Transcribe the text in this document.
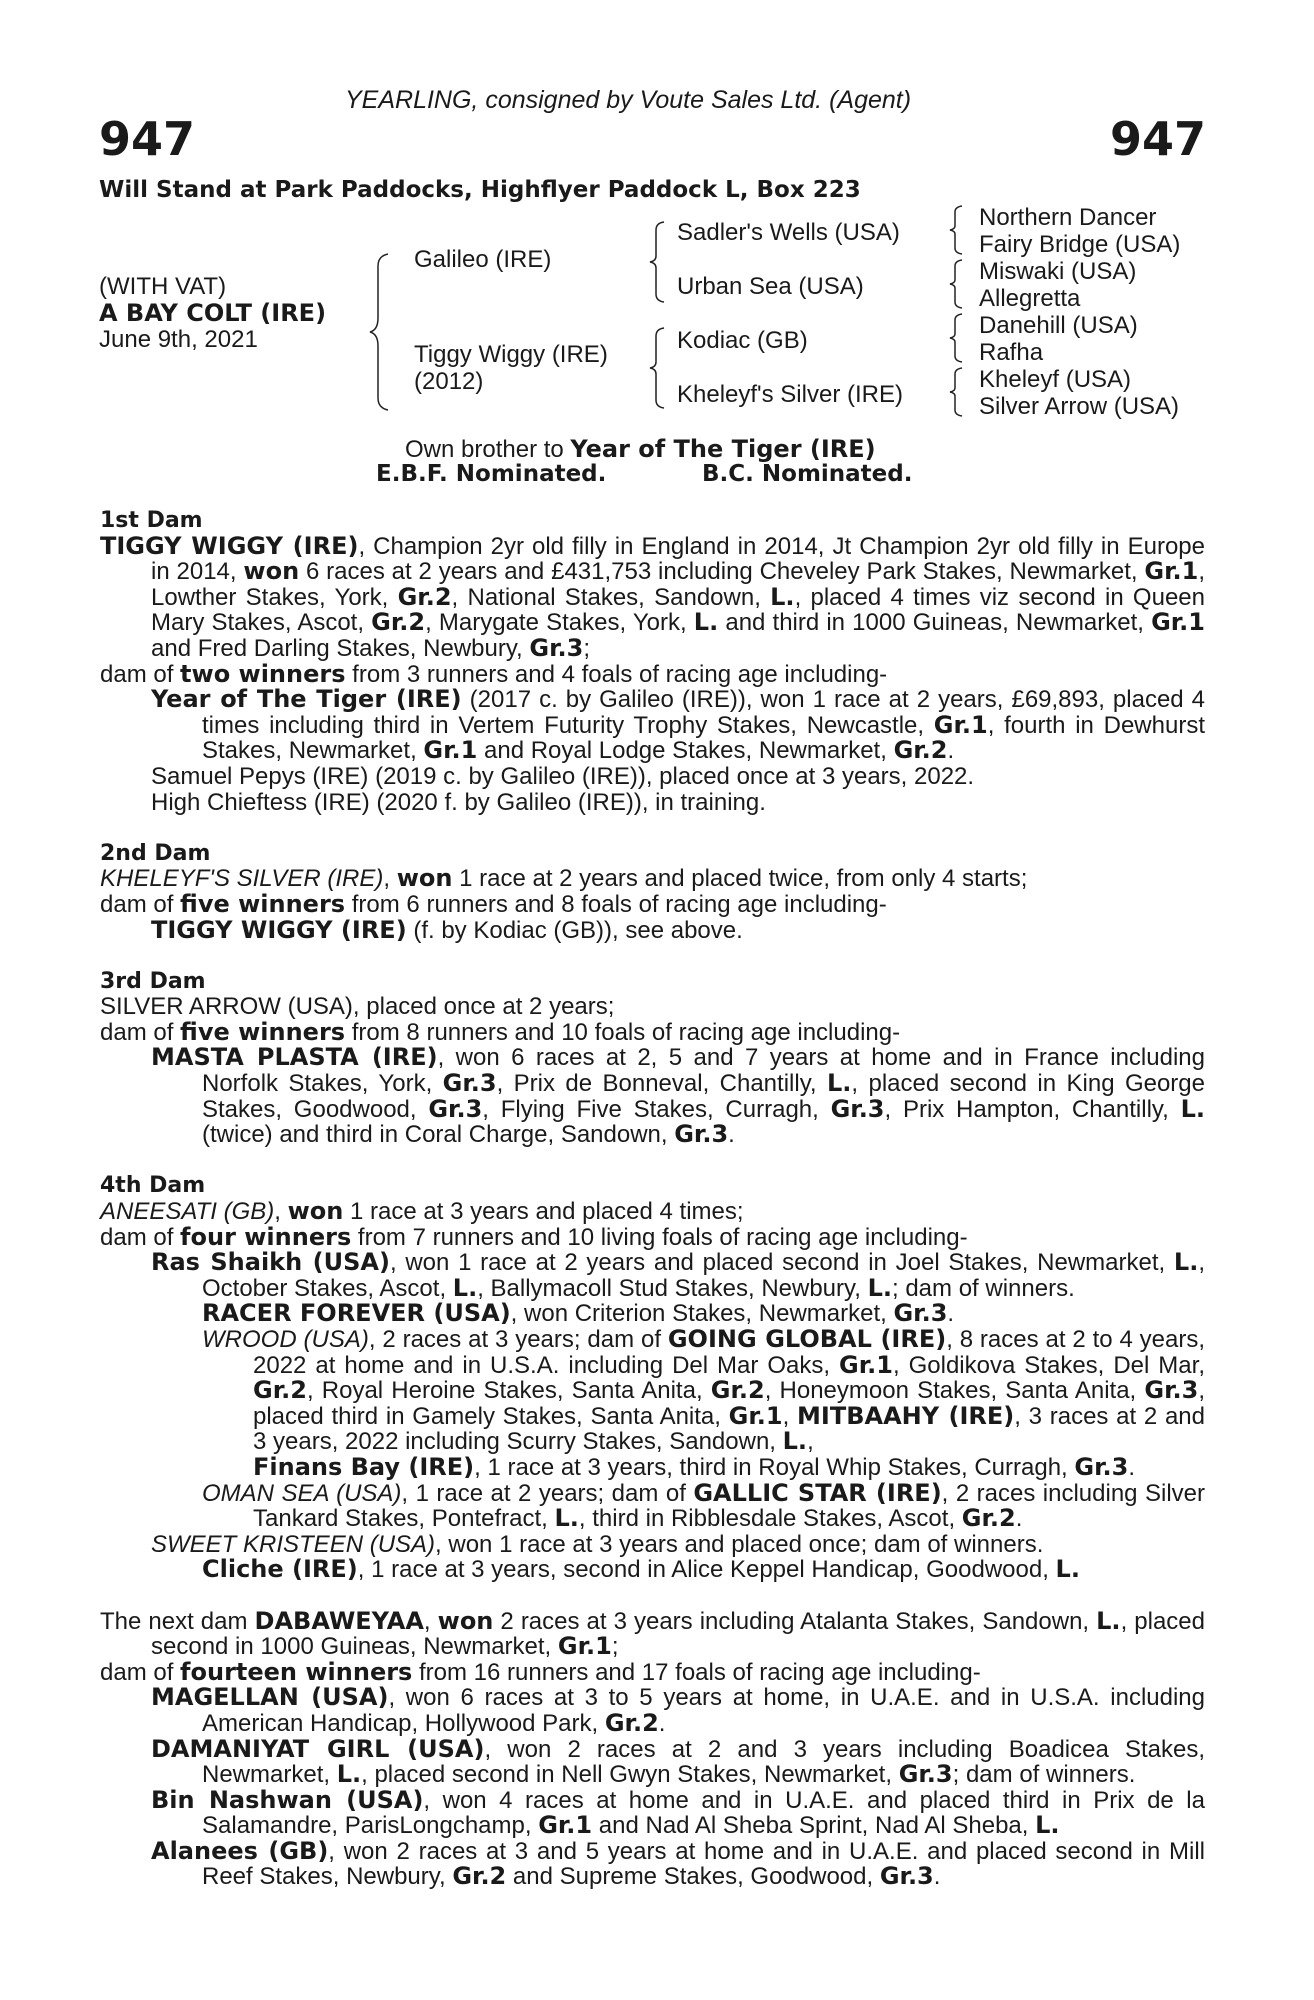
YEARLING, consigned by Voute Sales Ltd. (Agent)
947	947
Will Stand at Park Paddocks, Highflyer Paddock L, Box 223
(WITH VAT)
A BAY COLT (IRE)
June 9th, 2021
Galileo (IRE)
Tiggy Wiggy (IRE)
(2012)
Sadler's Wells (USA)
Urban Sea (USA)
Kodiac (GB)
Kheleyf's Silver (IRE)
Northern Dancer
Fairy Bridge (USA)
Miswaki (USA)
Allegretta
Danehill (USA)
Rafha
Kheleyf (USA)
Silver Arrow (USA)
Own brother to Year of The Tiger (IRE)
E.B.F. Nominated.	B.C. Nominated.
1st Dam
TIGGY WIGGY (IRE), Champion 2yr old filly in England in 2014, Jt Champion 2yr old filly in Europe in 2014, won 6 races at 2 years and £431,753 including Cheveley Park Stakes, Newmarket, Gr.1, Lowther Stakes, York, Gr.2, National Stakes, Sandown, L., placed 4 times viz second in Queen Mary Stakes, Ascot, Gr.2, Marygate Stakes, York, L. and third in 1000 Guineas, Newmarket, Gr.1 and Fred Darling Stakes, Newbury, Gr.3;
dam of two winners from 3 runners and 4 foals of racing age including-
Year of The Tiger (IRE) (2017 c. by Galileo (IRE)), won 1 race at 2 years, £69,893, placed 4 times including third in Vertem Futurity Trophy Stakes, Newcastle, Gr.1, fourth in Dewhurst Stakes, Newmarket, Gr.1 and Royal Lodge Stakes, Newmarket, Gr.2.
Samuel Pepys (IRE) (2019 c. by Galileo (IRE)), placed once at 3 years, 2022.
High Chieftess (IRE) (2020 f. by Galileo (IRE)), in training.
2nd Dam
KHELEYF'S SILVER (IRE), won 1 race at 2 years and placed twice, from only 4 starts;
dam of five winners from 6 runners and 8 foals of racing age including-
TIGGY WIGGY (IRE) (f. by Kodiac (GB)), see above.
3rd Dam
SILVER ARROW (USA), placed once at 2 years;
dam of five winners from 8 runners and 10 foals of racing age including-
MASTA PLASTA (IRE), won 6 races at 2, 5 and 7 years at home and in France including Norfolk Stakes, York, Gr.3, Prix de Bonneval, Chantilly, L., placed second in King George Stakes, Goodwood, Gr.3, Flying Five Stakes, Curragh, Gr.3, Prix Hampton, Chantilly, L. (twice) and third in Coral Charge, Sandown, Gr.3.
4th Dam
ANEESATI (GB), won 1 race at 3 years and placed 4 times;
dam of four winners from 7 runners and 10 living foals of racing age including-
Ras Shaikh (USA), won 1 race at 2 years and placed second in Joel Stakes, Newmarket, L., October Stakes, Ascot, L., Ballymacoll Stud Stakes, Newbury, L.; dam of winners.
RACER FOREVER (USA), won Criterion Stakes, Newmarket, Gr.3.
WROOD (USA), 2 races at 3 years; dam of GOING GLOBAL (IRE), 8 races at 2 to 4 years, 2022 at home and in U.S.A. including Del Mar Oaks, Gr.1, Goldikova Stakes, Del Mar, Gr.2, Royal Heroine Stakes, Santa Anita, Gr.2, Honeymoon Stakes, Santa Anita, Gr.3, placed third in Gamely Stakes, Santa Anita, Gr.1, MITBAAHY (IRE), 3 races at 2 and 3 years, 2022 including Scurry Stakes, Sandown, L.,
Finans Bay (IRE), 1 race at 3 years, third in Royal Whip Stakes, Curragh, Gr.3.
OMAN SEA (USA), 1 race at 2 years; dam of GALLIC STAR (IRE), 2 races including Silver Tankard Stakes, Pontefract, L., third in Ribblesdale Stakes, Ascot, Gr.2.
SWEET KRISTEEN (USA), won 1 race at 3 years and placed once; dam of winners.
Cliche (IRE), 1 race at 3 years, second in Alice Keppel Handicap, Goodwood, L.
The next dam DABAWEYAA, won 2 races at 3 years including Atalanta Stakes, Sandown, L., placed second in 1000 Guineas, Newmarket, Gr.1;
dam of fourteen winners from 16 runners and 17 foals of racing age including-
MAGELLAN (USA), won 6 races at 3 to 5 years at home, in U.A.E. and in U.S.A. including American Handicap, Hollywood Park, Gr.2.
DAMANIYAT GIRL (USA), won 2 races at 2 and 3 years including Boadicea Stakes, Newmarket, L., placed second in Nell Gwyn Stakes, Newmarket, Gr.3; dam of winners.
Bin Nashwan (USA), won 4 races at home and in U.A.E. and placed third in Prix de la Salamandre, ParisLongchamp, Gr.1 and Nad Al Sheba Sprint, Nad Al Sheba, L.
Alanees (GB), won 2 races at 3 and 5 years at home and in U.A.E. and placed second in Mill Reef Stakes, Newbury, Gr.2 and Supreme Stakes, Goodwood, Gr.3.
